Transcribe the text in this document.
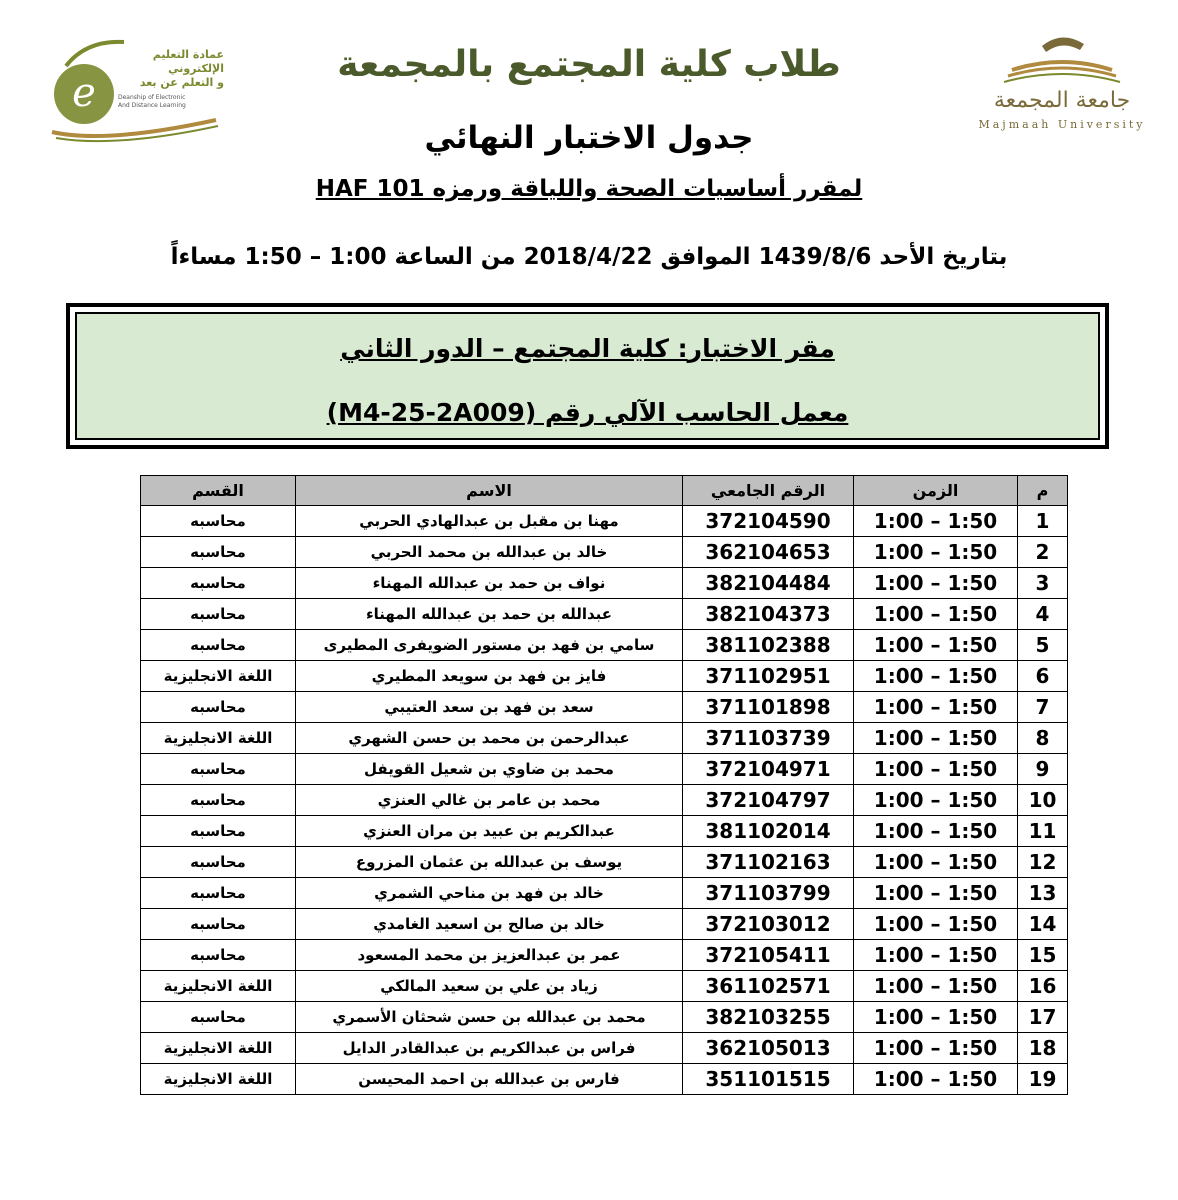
e
عمادة التعليم
الإلكتروني
و التعلم عن بعد
Deanship of Electronic
And Distance Learning	جامعة المجمعة
Majmaah University
طلاب كلية المجتمع بالمجمعة
جدول الاختبار النهائي
لمقرر أساسيات الصحة واللياقة ورمزه HAF 101
بتاريخ الأحد 1439/8/6 الموافق 2018/4/22 من الساعة 1:00 – 1:50 مساءاً
مقر الاختبار: كلية المجتمع – الدور الثاني
معمل الحاسب الآلي رقم (M4-25-2A009)
م	الزمن	الرقم الجامعي	الاسم	القسم
1	1:00 – 1:50	372104590	مهنا بن مقبل بن عبدالهادي الحربي	محاسبه
2	1:00 – 1:50	362104653	خالد بن عبدالله بن محمد الحربي	محاسبه
3	1:00 – 1:50	382104484	نواف بن حمد بن عبدالله المهناء	محاسبه
4	1:00 – 1:50	382104373	عبدالله بن حمد بن عبدالله المهناء	محاسبه
5	1:00 – 1:50	381102388	سامي بن فهد بن مستور الضويفرى المطيرى	محاسبه
6	1:00 – 1:50	371102951	فايز بن فهد بن سويعد المطيري	اللغة الانجليزية
7	1:00 – 1:50	371101898	سعد بن فهد بن سعد العتيبي	محاسبه
8	1:00 – 1:50	371103739	عبدالرحمن بن محمد بن حسن الشهري	اللغة الانجليزية
9	1:00 – 1:50	372104971	محمد بن ضاوي بن شعيل القويفل	محاسبه
10	1:00 – 1:50	372104797	محمد بن عامر بن غالي العنزي	محاسبه
11	1:00 – 1:50	381102014	عبدالكريم بن عبيد بن مران العنزي	محاسبه
12	1:00 – 1:50	371102163	يوسف بن عبدالله بن عثمان المزروع	محاسبه
13	1:00 – 1:50	371103799	خالد بن فهد بن مناحي الشمري	محاسبه
14	1:00 – 1:50	372103012	خالد بن صالح بن اسعيد الغامدي	محاسبه
15	1:00 – 1:50	372105411	عمر بن عبدالعزيز بن محمد المسعود	محاسبه
16	1:00 – 1:50	361102571	زياد بن علي بن سعيد المالكي	اللغة الانجليزية
17	1:00 – 1:50	382103255	محمد بن عبدالله بن حسن شحثان الأسمري	محاسبه
18	1:00 – 1:50	362105013	فراس بن عبدالكريم بن عبدالقادر الدايل	اللغة الانجليزية
19	1:00 – 1:50	351101515	فارس بن عبدالله بن احمد المحيسن	اللغة الانجليزية
